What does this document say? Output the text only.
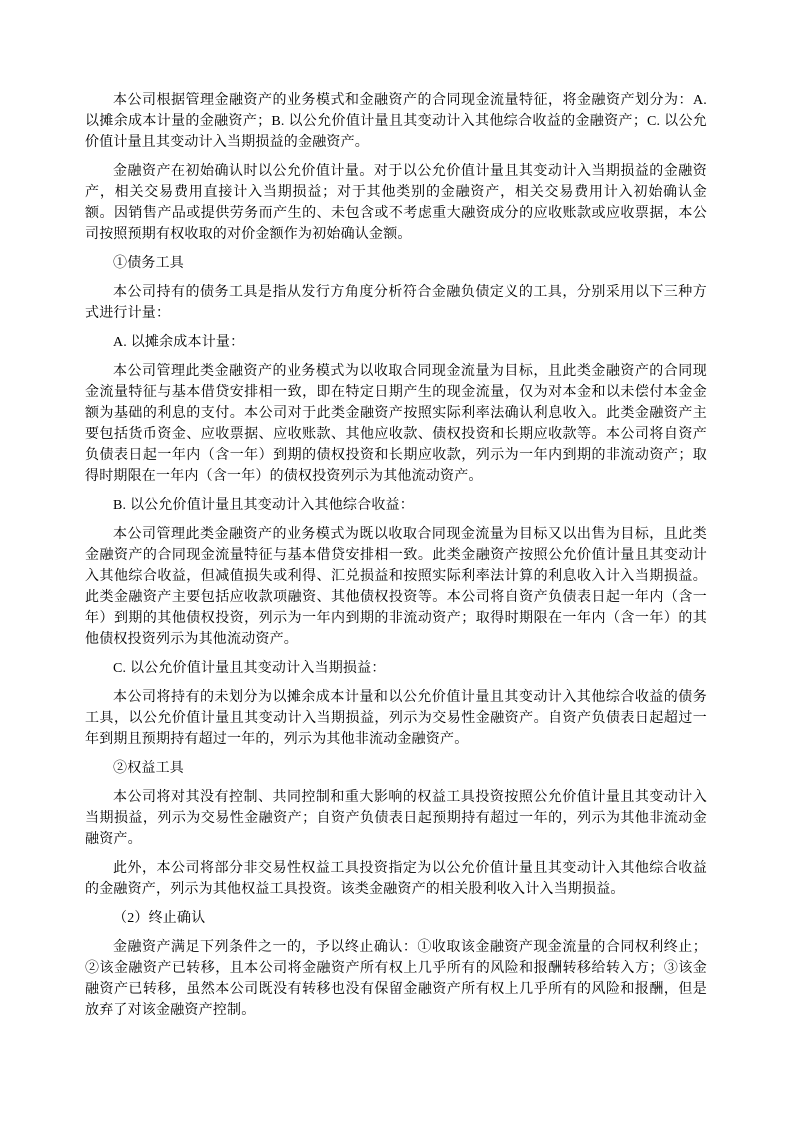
本公司根据管理金融资产的业务模式和金融资产的合同现金流量特征，将金融资产划分为：A. 以摊余成本计量的金融资产；B. 以公允价值计量且其变动计入其他综合收益的金融资产；C. 以公允价值计量且其变动计入当期损益的金融资产。

金融资产在初始确认时以公允价值计量。对于以公允价值计量且其变动计入当期损益的金融资产，相关交易费用直接计入当期损益；对于其他类别的金融资产，相关交易费用计入初始确认金额。因销售产品或提供劳务而产生的、未包含或不考虑重大融资成分的应收账款或应收票据，本公司按照预期有权收取的对价金额作为初始确认金额。

①债务工具

本公司持有的债务工具是指从发行方角度分析符合金融负债定义的工具，分别采用以下三种方式进行计量：

A. 以摊余成本计量：

本公司管理此类金融资产的业务模式为以收取合同现金流量为目标，且此类金融资产的合同现金流量特征与基本借贷安排相一致，即在特定日期产生的现金流量，仅为对本金和以未偿付本金金额为基础的利息的支付。本公司对于此类金融资产按照实际利率法确认利息收入。此类金融资产主要包括货币资金、应收票据、应收账款、其他应收款、债权投资和长期应收款等。本公司将自资产负债表日起一年内（含一年）到期的债权投资和长期应收款，列示为一年内到期的非流动资产；取得时期限在一年内（含一年）的债权投资列示为其他流动资产。

B. 以公允价值计量且其变动计入其他综合收益：

本公司管理此类金融资产的业务模式为既以收取合同现金流量为目标又以出售为目标，且此类金融资产的合同现金流量特征与基本借贷安排相一致。此类金融资产按照公允价值计量且其变动计入其他综合收益，但减值损失或利得、汇兑损益和按照实际利率法计算的利息收入计入当期损益。此类金融资产主要包括应收款项融资、其他债权投资等。本公司将自资产负债表日起一年内（含一年）到期的其他债权投资，列示为一年内到期的非流动资产；取得时期限在一年内（含一年）的其他债权投资列示为其他流动资产。

C. 以公允价值计量且其变动计入当期损益：

本公司将持有的未划分为以摊余成本计量和以公允价值计量且其变动计入其他综合收益的债务工具，以公允价值计量且其变动计入当期损益，列示为交易性金融资产。自资产负债表日起超过一年到期且预期持有超过一年的，列示为其他非流动金融资产。

②权益工具

本公司将对其没有控制、共同控制和重大影响的权益工具投资按照公允价值计量且其变动计入当期损益，列示为交易性金融资产；自资产负债表日起预期持有超过一年的，列示为其他非流动金融资产。

此外，本公司将部分非交易性权益工具投资指定为以公允价值计量且其变动计入其他综合收益的金融资产，列示为其他权益工具投资。该类金融资产的相关股利收入计入当期损益。

（2）终止确认

金融资产满足下列条件之一的，予以终止确认：①收取该金融资产现金流量的合同权利终止；②该金融资产已转移，且本公司将金融资产所有权上几乎所有的风险和报酬转移给转入方；③该金融资产已转移，虽然本公司既没有转移也没有保留金融资产所有权上几乎所有的风险和报酬，但是放弃了对该金融资产控制。
